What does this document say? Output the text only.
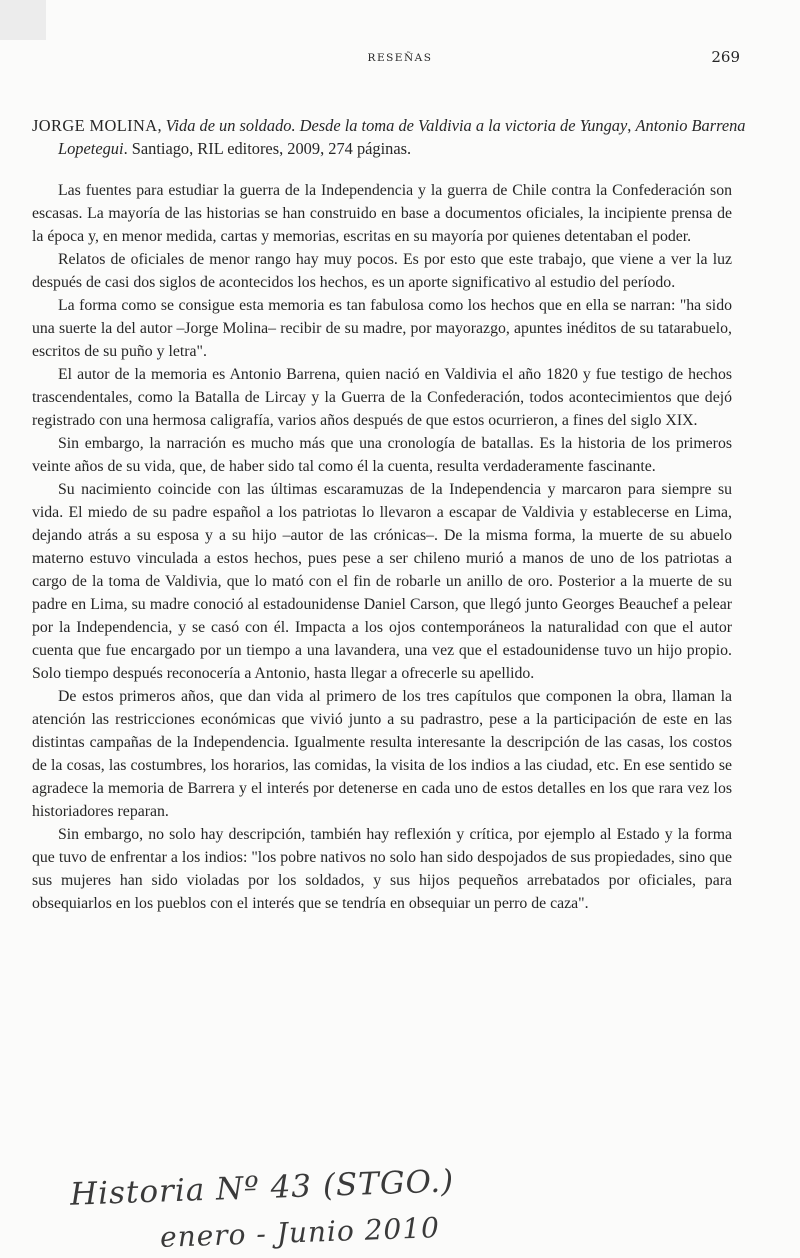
RESEÑAS	269
JORGE MOLINA, Vida de un soldado. Desde la toma de Valdivia a la victoria de Yungay, Antonio Barrena Lopetegui. Santiago, RIL editores, 2009, 274 páginas.

Las fuentes para estudiar la guerra de la Independencia y la guerra de Chile contra la Confederación son escasas. La mayoría de las historias se han construido en base a documentos oficiales, la incipiente prensa de la época y, en menor medida, cartas y memorias, escritas en su mayoría por quienes detentaban el poder.

Relatos de oficiales de menor rango hay muy pocos. Es por esto que este trabajo, que viene a ver la luz después de casi dos siglos de acontecidos los hechos, es un aporte significativo al estudio del período.

La forma como se consigue esta memoria es tan fabulosa como los hechos que en ella se narran: "ha sido una suerte la del autor –Jorge Molina– recibir de su madre, por mayorazgo, apuntes inéditos de su tatarabuelo, escritos de su puño y letra".

El autor de la memoria es Antonio Barrena, quien nació en Valdivia el año 1820 y fue testigo de hechos trascendentales, como la Batalla de Lircay y la Guerra de la Confederación, todos acontecimientos que dejó registrado con una hermosa caligrafía, varios años después de que estos ocurrieron, a fines del siglo XIX.

Sin embargo, la narración es mucho más que una cronología de batallas. Es la historia de los primeros veinte años de su vida, que, de haber sido tal como él la cuenta, resulta verdaderamente fascinante.

Su nacimiento coincide con las últimas escaramuzas de la Independencia y marcaron para siempre su vida. El miedo de su padre español a los patriotas lo llevaron a escapar de Valdivia y establecerse en Lima, dejando atrás a su esposa y a su hijo –autor de las crónicas–. De la misma forma, la muerte de su abuelo materno estuvo vinculada a estos hechos, pues pese a ser chileno murió a manos de uno de los patriotas a cargo de la toma de Valdivia, que lo mató con el fin de robarle un anillo de oro. Posterior a la muerte de su padre en Lima, su madre conoció al estadounidense Daniel Carson, que llegó junto Georges Beauchef a pelear por la Independencia, y se casó con él. Impacta a los ojos contemporáneos la naturalidad con que el autor cuenta que fue encargado por un tiempo a una lavandera, una vez que el estadounidense tuvo un hijo propio. Solo tiempo después reconocería a Antonio, hasta llegar a ofrecerle su apellido.

De estos primeros años, que dan vida al primero de los tres capítulos que componen la obra, llaman la atención las restricciones económicas que vivió junto a su padrastro, pese a la participación de este en las distintas campañas de la Independencia. Igualmente resulta interesante la descripción de las casas, los costos de la cosas, las costumbres, los horarios, las comidas, la visita de los indios a las ciudad, etc. En ese sentido se agradece la memoria de Barrera y el interés por detenerse en cada uno de estos detalles en los que rara vez los historiadores reparan.

Sin embargo, no solo hay descripción, también hay reflexión y crítica, por ejemplo al Estado y la forma que tuvo de enfrentar a los indios: "los pobre nativos no solo han sido despojados de sus propiedades, sino que sus mujeres han sido violadas por los soldados, y sus hijos pequeños arrebatados por oficiales, para obsequiarlos en los pueblos con el interés que se tendría en obsequiar un perro de caza".

Historia Nº 43 (STGO.)
enero - Junio 2010
